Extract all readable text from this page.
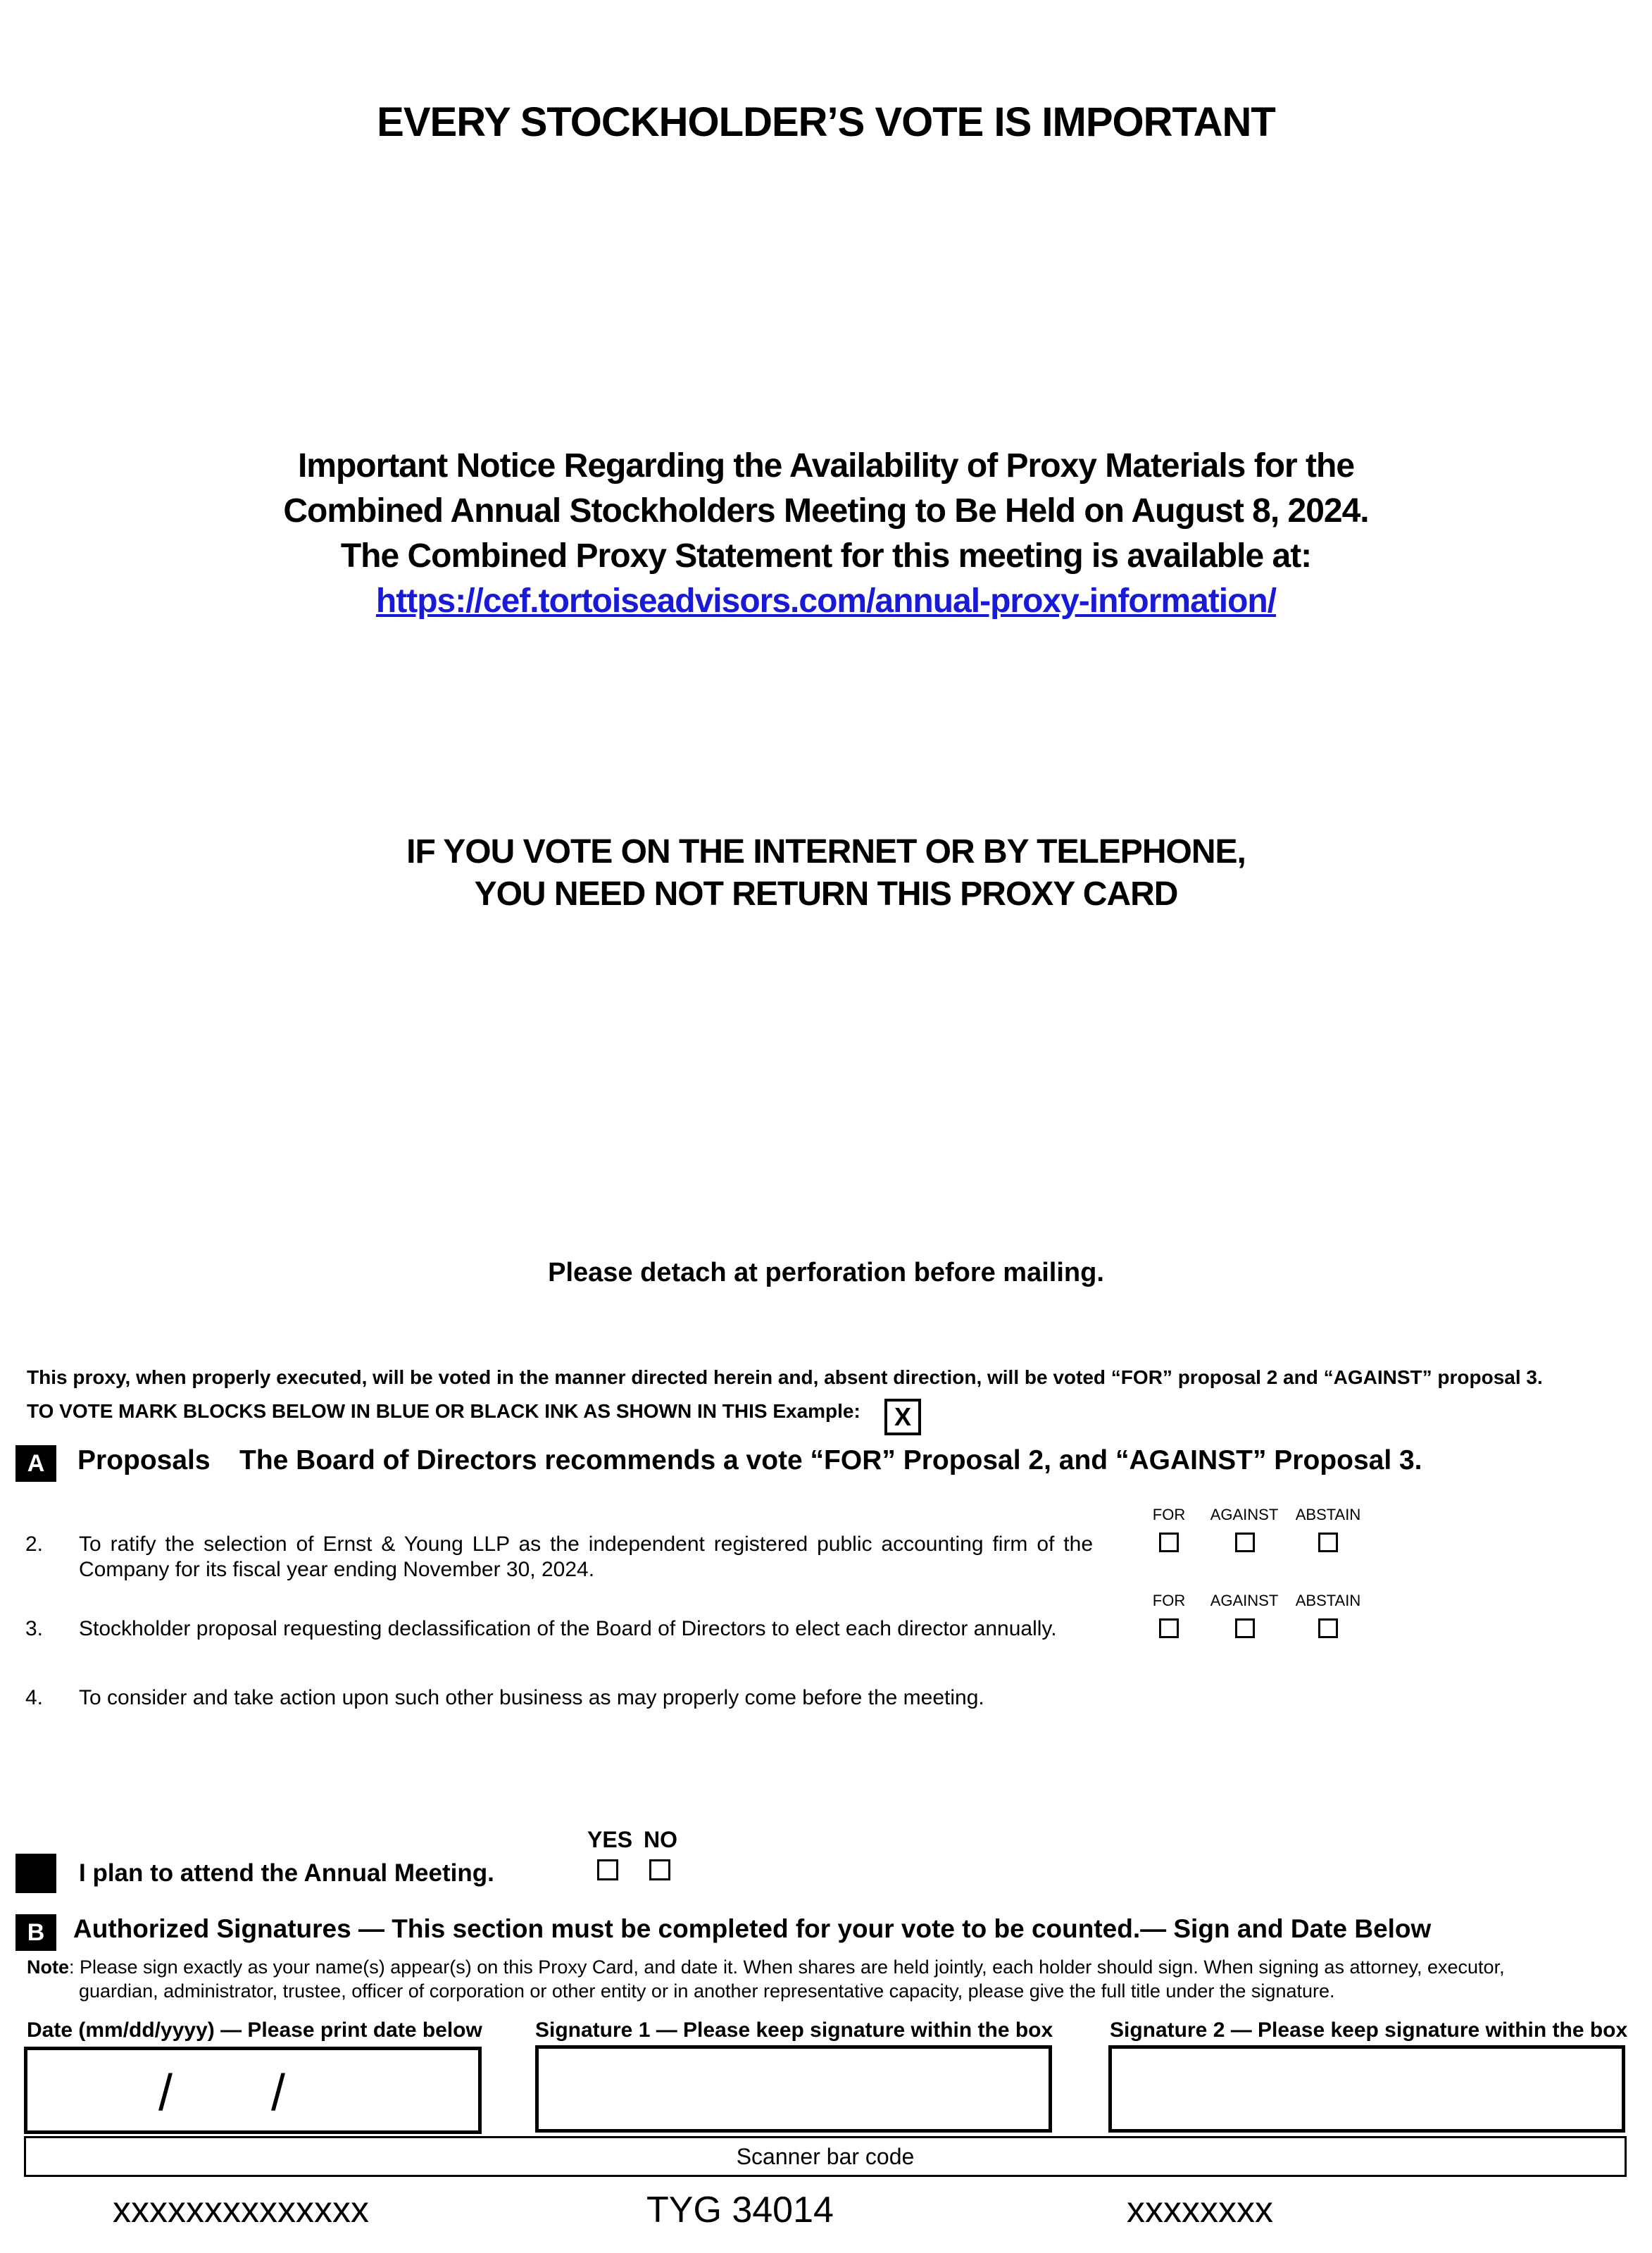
EVERY STOCKHOLDER’S VOTE IS IMPORTANT
Important Notice Regarding the Availability of Proxy Materials for the
Combined Annual Stockholders Meeting to Be Held on August 8, 2024.
The Combined Proxy Statement for this meeting is available at:
https://cef.tortoiseadvisors.com/annual-proxy-information/
IF YOU VOTE ON THE INTERNET OR BY TELEPHONE,
YOU NEED NOT RETURN THIS PROXY CARD
Please detach at perforation before mailing.
This proxy, when properly executed, will be voted in the manner directed herein and, absent direction, will be voted “FOR” proposal 2 and “AGAINST” proposal 3.
TO VOTE MARK BLOCKS BELOW IN BLUE OR BLACK INK AS SHOWN IN THIS Example:	X
A	Proposals The Board of Directors recommends a vote “FOR” Proposal 2, and “AGAINST” Proposal 3.
FOR	AGAINST	ABSTAIN
2. To ratify the selection of Ernst & Young LLP as the independent registered public accounting firm of the
Company for its fiscal year ending November 30, 2024.
FOR	AGAINST	ABSTAIN
3. Stockholder proposal requesting declassification of the Board of Directors to elect each director annually.
4. To consider and take action upon such other business as may properly come before the meeting.
I plan to attend the Annual Meeting.
YES NO
B	Authorized Signatures — This section must be completed for your vote to be counted.— Sign and Date Below
Note: Please sign exactly as your name(s) appear(s) on this Proxy Card, and date it. When shares are held jointly, each holder should sign. When signing as attorney, executor,
guardian, administrator, trustee, officer of corporation or other entity or in another representative capacity, please give the full title under the signature.
Date (mm/dd/yyyy) — Please print date below	Signature 1 — Please keep signature within the box	Signature 2 — Please keep signature within the box
/ /
Scanner bar code
xxxxxxxxxxxxxx	TYG 34014	xxxxxxxx
